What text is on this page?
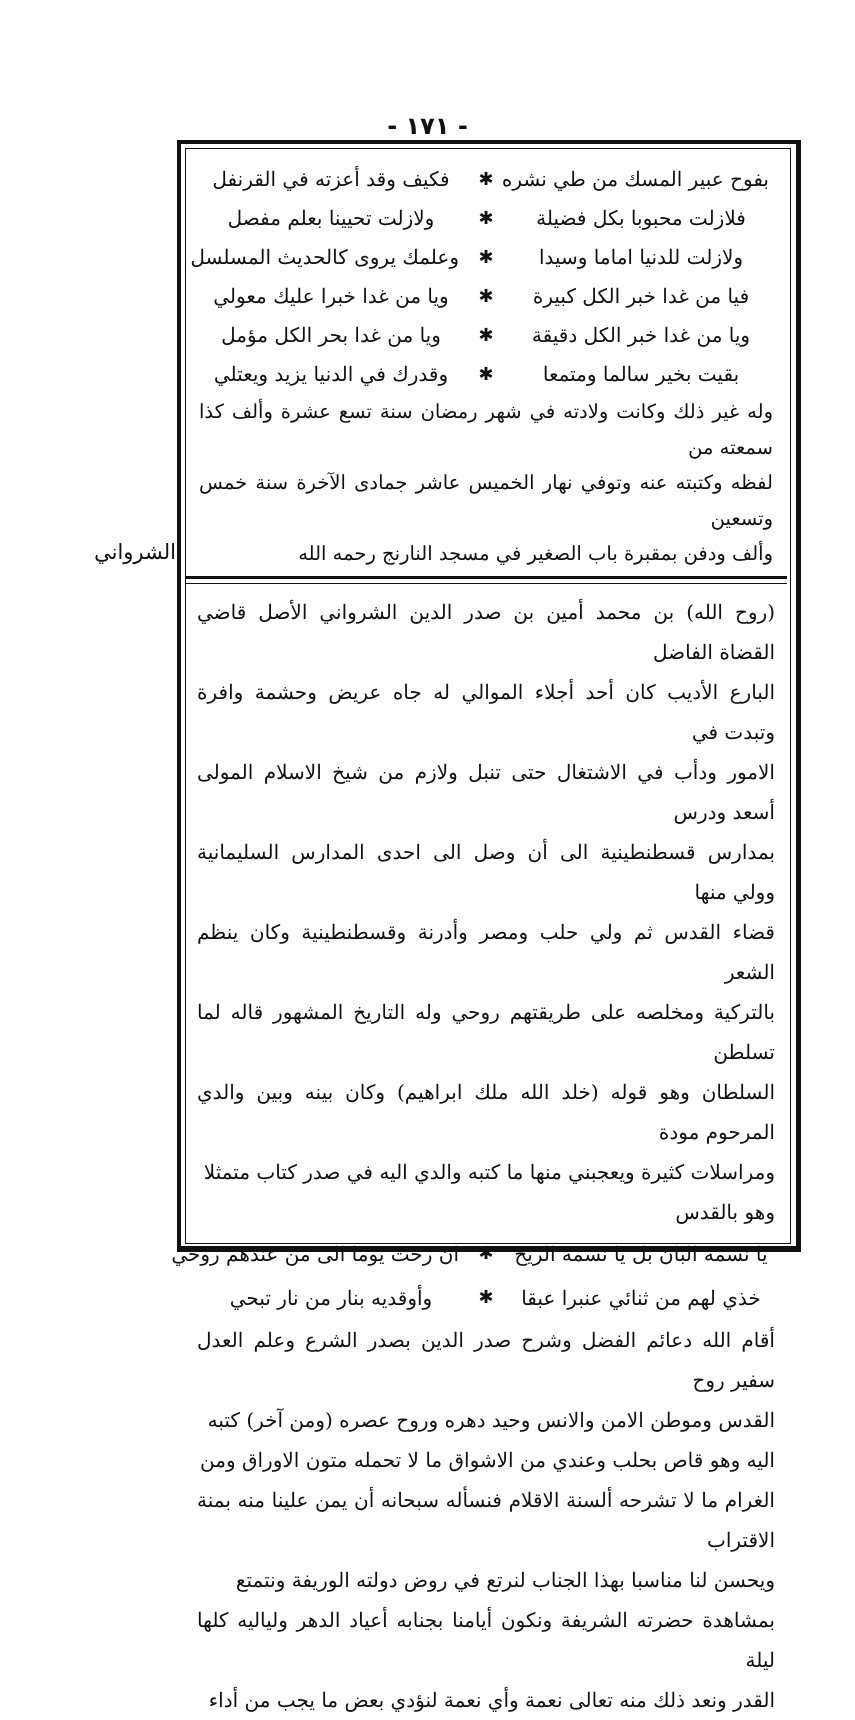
- ١٧١ -
الشرواني
بفوح عبير المسك من طي نشره
✱
فكيف وقد أعزته في القرنفل
فلازلت محبوبا بكل فضيلة
✱
ولازلت تحيينا بعلم مفصل
ولازلت للدنيا اماما وسيدا
✱
وعلمك يروى كالحديث المسلسل
فيا من غدا خبر الكل كبيرة
✱
ويا من غدا خبرا عليك معولي
ويا من غدا خبر الكل دقيقة
✱
ويا من غدا بحر الكل مؤمل
بقيت بخير سالما ومتمعا
✱
وقدرك في الدنيا يزيد ويعتلي

وله غير ذلك وكانت ولادته في شهر رمضان سنة تسع عشرة وألف كذا سمعته من

لفظه وكتبته عنه وتوفي نهار الخميس عاشر جمادى الآخرة سنة خمس وتسعين

وألف ودفن بمقبرة باب الصغير في مسجد النارنج رحمه الله

(روح الله) بن محمد أمين بن صدر الدين الشرواني الأصل قاضي القضاة الفاضل

البارع الأديب كان أحد أجلاء الموالي له جاه عريض وحشمة وافرة وتبدت في

الامور ودأب في الاشتغال حتى تنبل ولازم من شيخ الاسلام المولى أسعد ودرس

بمدارس قسطنطينية الى أن وصل الى احدى المدارس السليمانية وولي منها

قضاء القدس ثم ولي حلب ومصر وأدرنة وقسطنطينية وكان ينظم الشعر

بالتركية ومخلصه على طريقتهم روحي وله التاريخ المشهور قاله لما تسلطن

السلطان وهو قوله (خلد الله ملك ابراهيم) وكان بينه وبين والدي المرحوم مودة

ومراسلات كثيرة ويعجبني منها ما كتبه والدي اليه في صدر كتاب متمثلا

وهو بالقدس

يا نسمة البان بل يا نسمة الريح
✱
ان رحت يوما الى من عندهم روحي
خذي لهم من ثنائي عنبرا عبقا
✱
وأوقديه بنار من نار تبحي

أقام الله دعائم الفضل وشرح صدر الدين بصدر الشرع وعلم العدل سفير روح

القدس وموطن الامن والانس وحيد دهره وروح عصره (ومن آخر) كتبه

اليه وهو قاص بحلب وعندي من الاشواق ما لا تحمله متون الاوراق ومن

الغرام ما لا تشرحه ألسنة الاقلام فنسأله سبحانه أن يمن علينا منه بمنة الاقتراب

ويحسن لنا مناسبا بهذا الجناب لنرتع في روض دولته الوريفة ونتمتع

بمشاهدة حضرته الشريفة ونكون أيامنا بجنابه أعياد الدهر ولياليه كلها ليلة

القدر ونعد ذلك منه تعالى نعمة وأي نعمة لنؤدي بعض ما يجب من أداء
